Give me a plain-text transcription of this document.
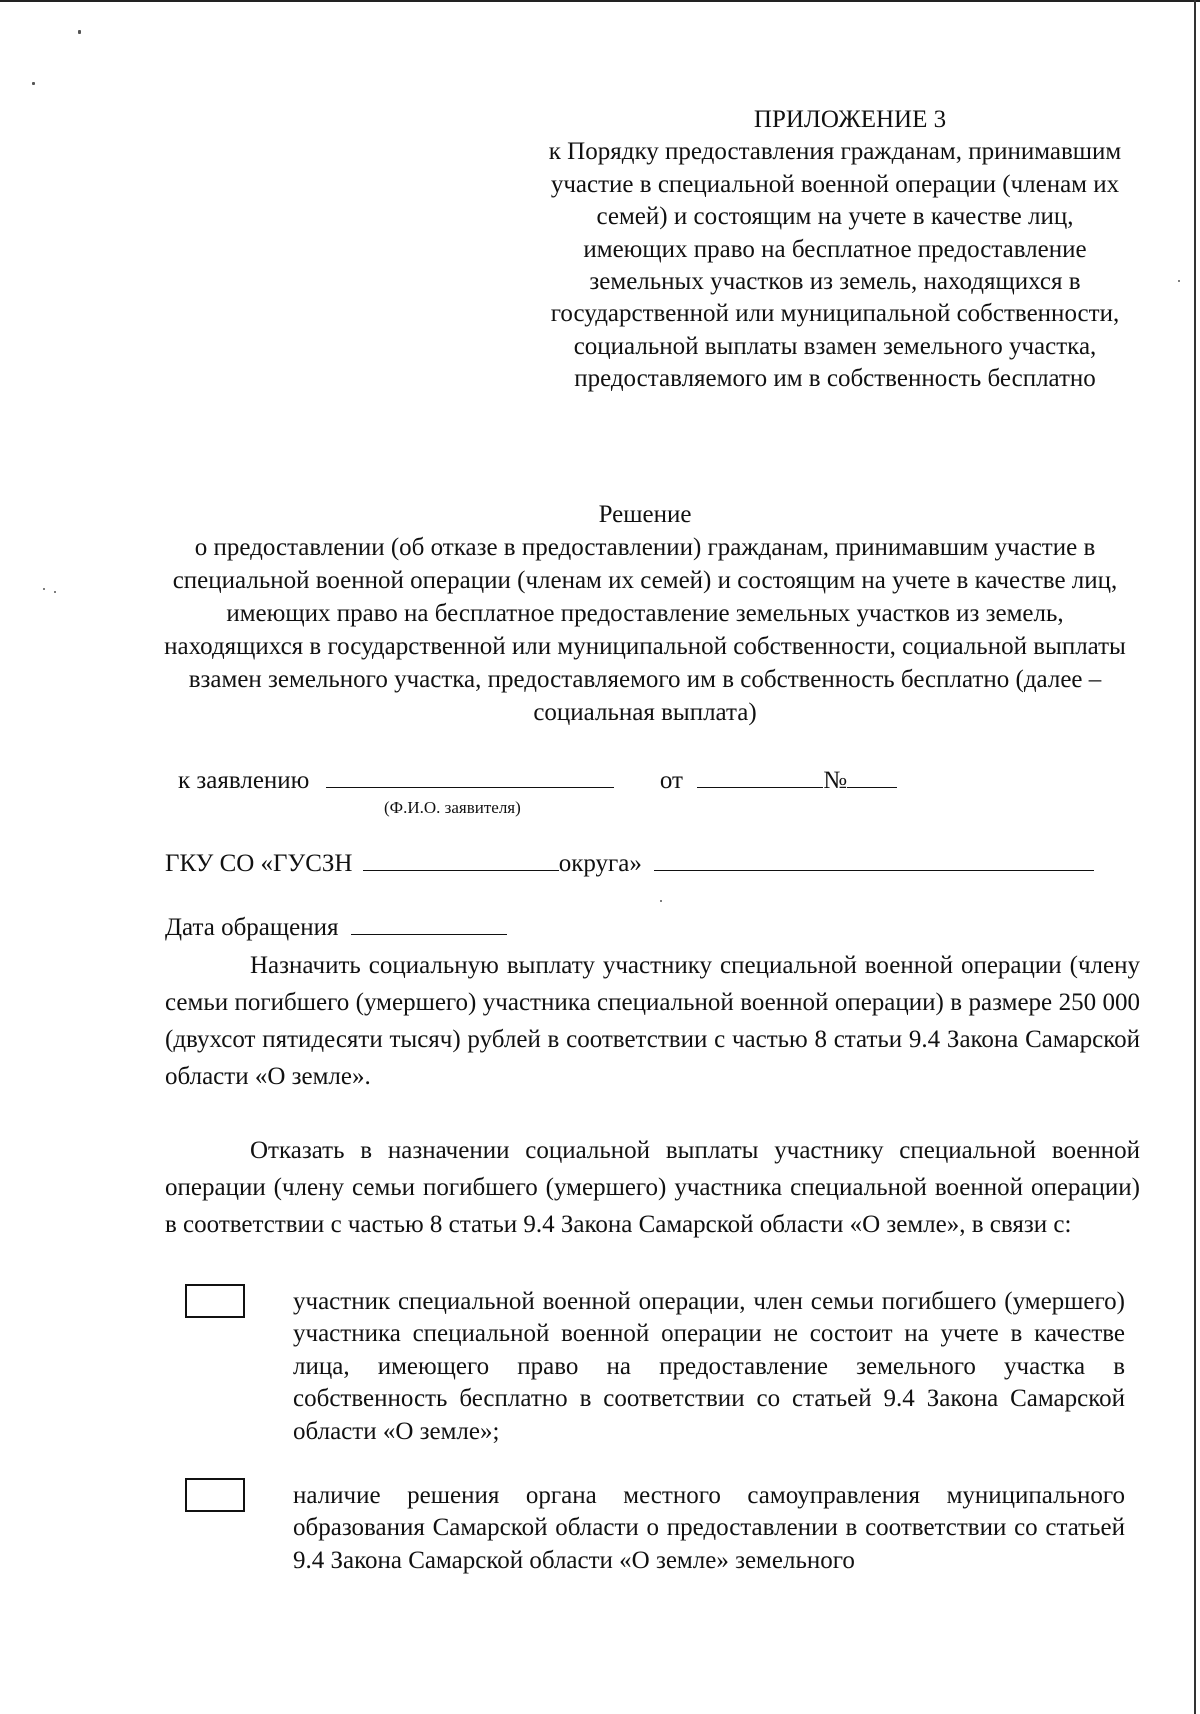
ПРИЛОЖЕНИЕ 3
к Порядку предоставления гражданам, принимавшим участие в специальной военной операции (членам их семей) и состоящим на учете в качестве лиц, имеющих право на бесплатное предоставление земельных участков из земель, находящихся в государственной или муниципальной собственности, социальной выплаты взамен земельного участка, предоставляемого им в собственность бесплатно
Решение
о предоставлении (об отказе в предоставлении) гражданам, принимавшим участие в специальной военной операции (членам их семей) и состоящим на учете в качестве лиц, имеющих право на бесплатное предоставление земельных участков из земель, находящихся в государственной или муниципальной собственности, социальной выплаты взамен земельного участка, предоставляемого им в собственность бесплатно (далее – социальная выплата)
к заявлению	от	№
(Ф.И.О. заявителя)
ГКУ СО «ГУСЗН	округа»
Дата обращения
Назначить социальную выплату участнику специальной военной операции (члену семьи погибшего (умершего) участника специальной военной операции) в размере 250 000 (двухсот пятидесяти тысяч) рублей в соответствии с частью 8 статьи 9.4 Закона Самарской области «О земле».
Отказать в назначении социальной выплаты участнику специальной военной операции (члену семьи погибшего (умершего) участника специальной военной операции) в соответствии с частью 8 статьи 9.4 Закона Самарской области «О земле», в связи с:
участник специальной военной операции, член семьи погибшего (умершего) участника специальной военной операции не состоит на учете в качестве лица, имеющего право на предоставление земельного участка в собственность бесплатно в соответствии со статьей 9.4 Закона Самарской области «О земле»;
наличие решения органа местного самоуправления муниципального образования Самарской области о предоставлении в соответствии со статьей 9.4 Закона Самарской области «О земле» земельного
